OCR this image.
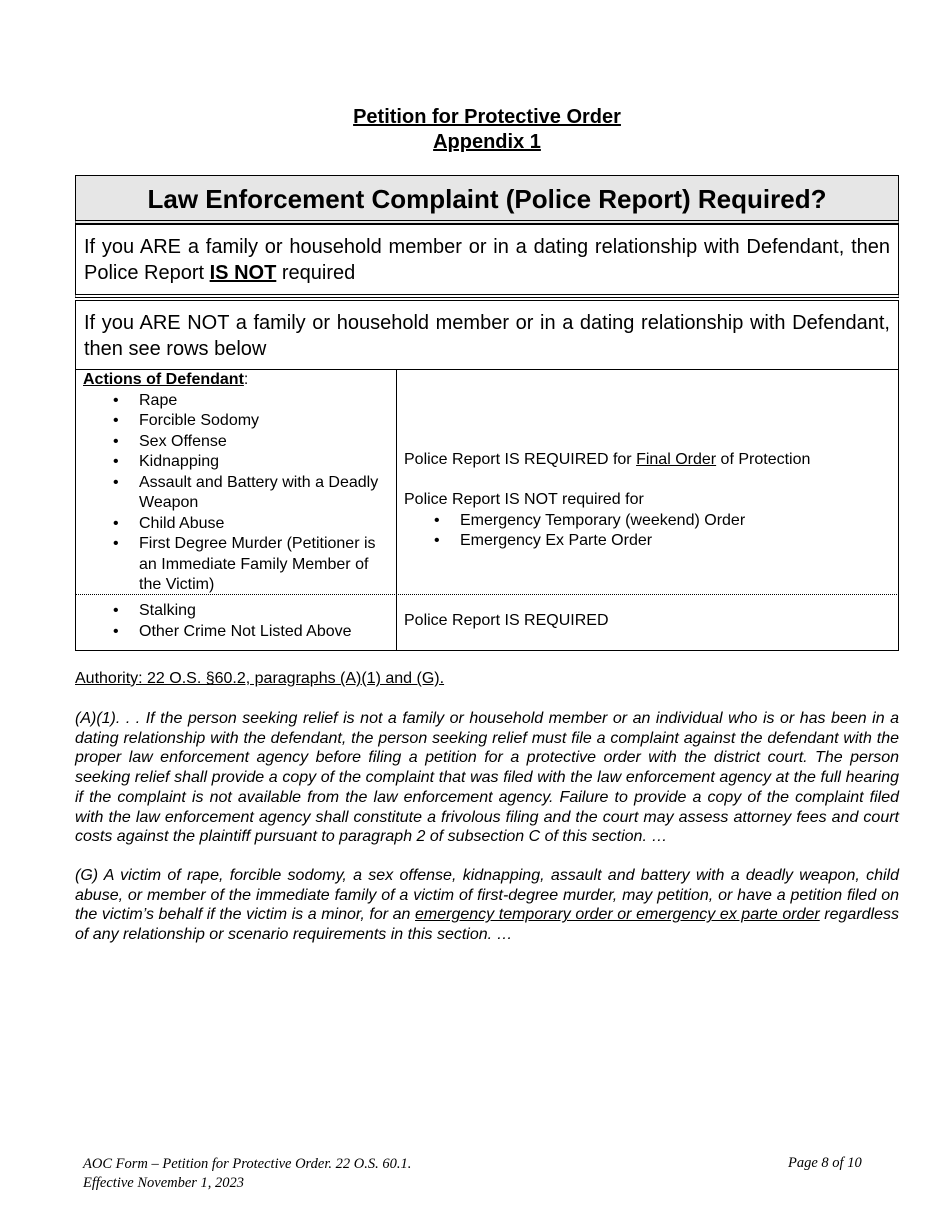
Petition for Protective Order
Appendix 1
Law Enforcement Complaint (Police Report) Required?
If you ARE a family or household member or in a dating relationship with Defendant, then Police Report IS NOT required
If you ARE NOT a family or household member or in a dating relationship with Defendant, then see rows below
Actions of Defendant:
• Rape
• Forcible Sodomy
• Sex Offense
• Kidnapping
• Assault and Battery with a Deadly Weapon
• Child Abuse
• First Degree Murder (Petitioner is an Immediate Family Member of the Victim)
Police Report IS REQUIRED for Final Order of Protection
Police Report IS NOT required for
• Emergency Temporary (weekend) Order
• Emergency Ex Parte Order
• Stalking
• Other Crime Not Listed Above
Police Report IS REQUIRED
Authority: 22 O.S. §60.2, paragraphs (A)(1) and (G).
(A)(1). . . If the person seeking relief is not a family or household member or an individual who is or has been in a dating relationship with the defendant, the person seeking relief must file a complaint against the defendant with the proper law enforcement agency before filing a petition for a protective order with the district court. The person seeking relief shall provide a copy of the complaint that was filed with the law enforcement agency at the full hearing if the complaint is not available from the law enforcement agency. Failure to provide a copy of the complaint filed with the law enforcement agency shall constitute a frivolous filing and the court may assess attorney fees and court costs against the plaintiff pursuant to paragraph 2 of subsection C of this section. …
(G) A victim of rape, forcible sodomy, a sex offense, kidnapping, assault and battery with a deadly weapon, child abuse, or member of the immediate family of a victim of first-degree murder, may petition, or have a petition filed on the victim’s behalf if the victim is a minor, for an emergency temporary order or emergency ex parte order regardless of any relationship or scenario requirements in this section. …
AOC Form – Petition for Protective Order. 22 O.S. 60.1.
Effective November 1, 2023
Page 8 of 10
